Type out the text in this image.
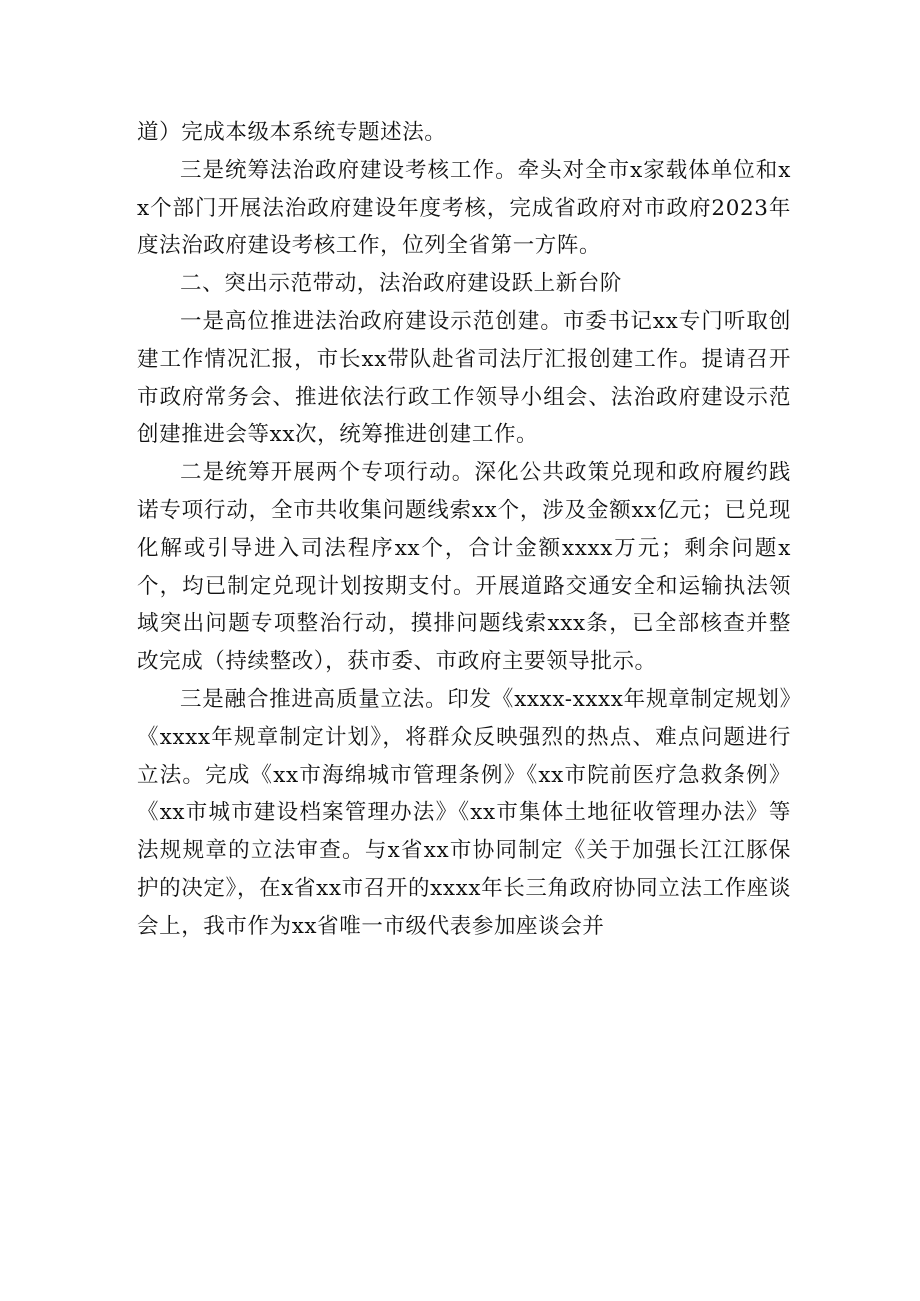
道）完成本级本系统专题述法。

三是统筹法治政府建设考核工作。牵头对全市x家载体单位和xx个部门开展法治政府建设年度考核，完成省政府对市政府2023年度法治政府建设考核工作，位列全省第一方阵。

二、突出示范带动，法治政府建设跃上新台阶

一是高位推进法治政府建设示范创建。市委书记xx专门听取创建工作情况汇报，市长xx带队赴省司法厅汇报创建工作。提请召开市政府常务会、推进依法行政工作领导小组会、法治政府建设示范创建推进会等xx次，统筹推进创建工作。

二是统筹开展两个专项行动。深化公共政策兑现和政府履约践诺专项行动，全市共收集问题线索xx个，涉及金额xx亿元；已兑现化解或引导进入司法程序xx个，合计金额xxxx万元；剩余问题x个，均已制定兑现计划按期支付。开展道路交通安全和运输执法领域突出问题专项整治行动，摸排问题线索xxx条，已全部核查并整改完成（持续整改），获市委、市政府主要领导批示。

三是融合推进高质量立法。印发《xxxx-xxxx年规章制定规划》《xxxx年规章制定计划》，将群众反映强烈的热点、难点问题进行立法。完成《xx市海绵城市管理条例》《xx市院前医疗急救条例》《xx市城市建设档案管理办法》《xx市集体土地征收管理办法》等法规规章的立法审查。与x省xx市协同制定《关于加强长江江豚保护的决定》，在x省xx市召开的xxxx年长三角政府协同立法工作座谈会上，我市作为xx省唯一市级代表参加座谈会并
